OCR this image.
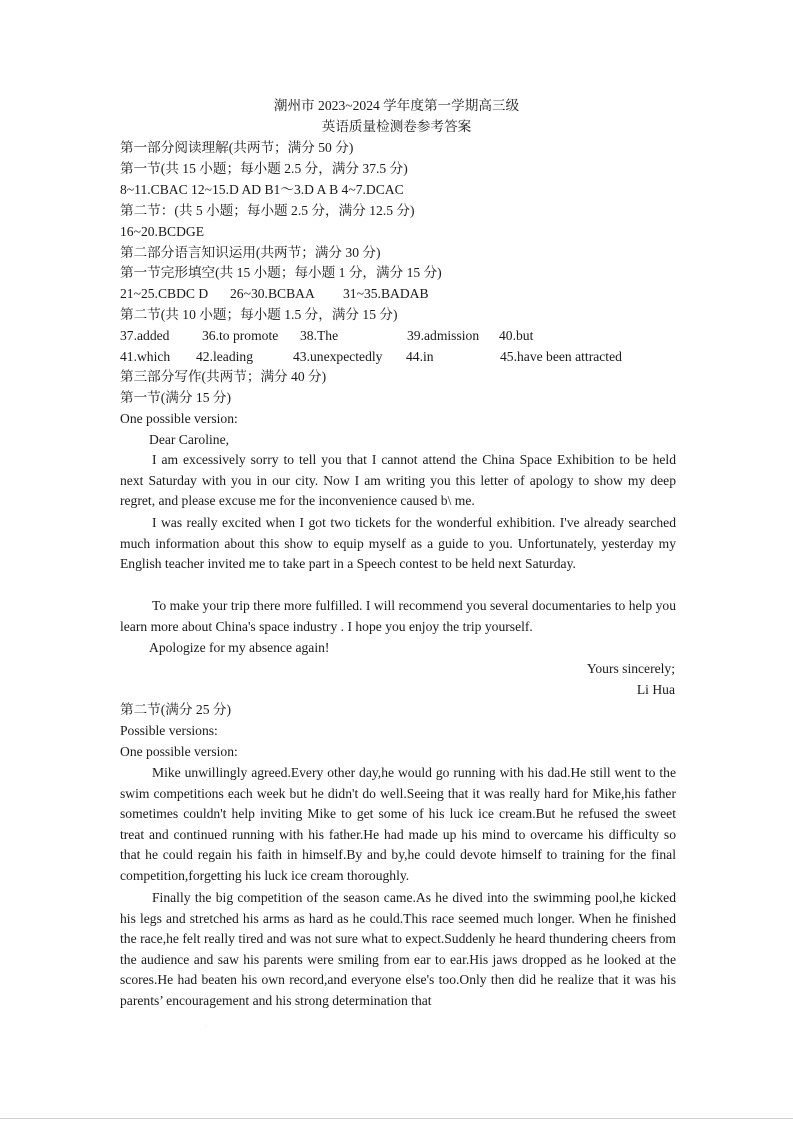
潮州市 2023~2024 学年度第一学期高三级
英语质量检测卷参考答案
第一部分阅读理解(共两节；满分 50 分)
第一节(共 15 小题；每小题 2.5 分，满分 37.5 分)
8~11.CBAC 12~15.D AD B1～3.D A B 4~7.DCAC
第二节：(共 5 小题；每小题 2.5 分，满分 12.5 分)
16~20.BCDGE
第二部分语言知识运用(共两节；满分 30 分)
第一节完形填空(共 15 小题；每小题 1 分，满分 15 分)
21~25.CBDC D 26~30.BCBAA 31~35.BADAB
第二节(共 10 小题；每小题 1.5 分，满分 15 分)
37.added 36.to promote 38.The	39.admission 40.but
41.which 42.leading	43.unexpectedly 44.in	45.have been attracted
第三部分写作(共两节；满分 40 分)
第一节(满分 15 分)
One possible version:
Dear Caroline,
I am excessively sorry to tell you that I cannot attend the China Space Exhibition to be held next Saturday with you in our city. Now I am writing you this letter of apology to show my deep regret, and please excuse me for the inconvenience caused b\ me.
I was really excited when I got two tickets for the wonderful exhibition. I've already searched much information about this show to equip myself as a guide to you. Unfortunately, yesterday my English teacher invited me to take part in a Speech contest to be held next Saturday.
To make your trip there more fulfilled. I will recommend you several documentaries to help you learn more about China's space industry . I hope you enjoy the trip yourself.
Apologize for my absence again!
Yours sincerely;
Li Hua
第二节(满分 25 分)
Possible versions:
One possible version:
Mike unwillingly agreed.Every other day,he would go running with his dad.He still went to the swim competitions each week but he didn't do well.Seeing that it was really hard for Mike,his father sometimes couldn't help inviting Mike to get some of his luck ice cream.But he refused the sweet treat and continued running with his father.He had made up his mind to overcame his difficulty so that he could regain his faith in himself.By and by,he could devote himself to training for the final competition,forgetting his luck ice cream thoroughly.
Finally the big competition of the season came.As he dived into the swimming pool,he kicked his legs and stretched his arms as hard as he could.This race seemed much longer. When he finished the race,he felt really tired and was not sure what to expect.Suddenly he heard thundering cheers from the audience and saw his parents were smiling from ear to ear.His jaws dropped as he looked at the scores.He had beaten his own record,and everyone else's too.Only then did he realize that it was his parents’ encouragement and his strong determination that
·
